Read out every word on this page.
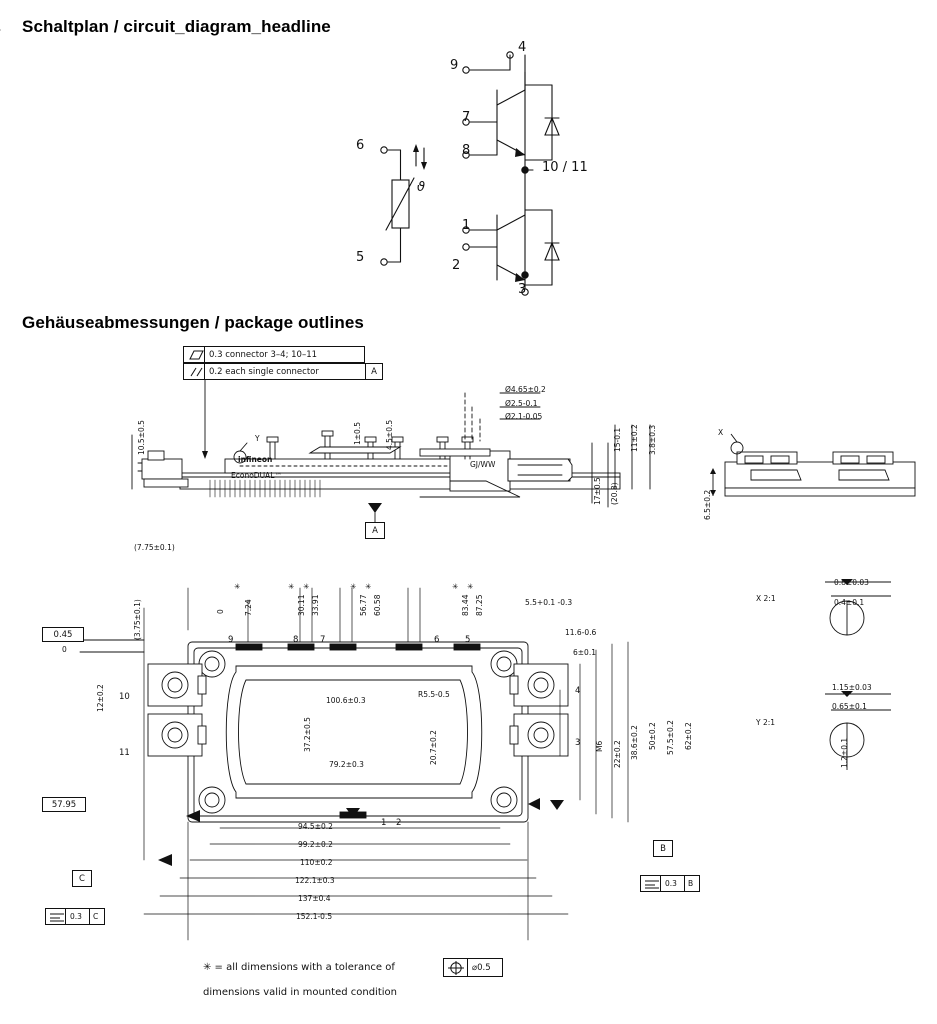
Schaltplan / circuit_diagram_headline
Gehäuseabmessungen / package outlines
9
4
7
8
6
5
1
2
3
10 / 11
ϑ
0.3 connector 3–4; 10–11
0.2 each single connector	A
A
infineon
EconoDUAL™
GJ/WW
Y
10.5±0.5	1±0.5	4.5±0.5
Ø4.65±0.2
Ø2.5-0.1
Ø2.1-0.05
15-0.1 11±0.2 3.8±0.3
17±0.5 (20.8)
X
6.5±0.2
0.8±0.03
0.4±0.1
X 2:1
1.15±0.03
0.65±0.1
1.2±0.1
Y 2:1
9	8	7	6	5
4
3
2
1
10
11
✳
7.24
✳ ✳
30.11 33.91
✳ ✳
56.77 60.58
✳ ✳
83.44 87.25
(7.75±0.1)
(3.75±0.1)
0.45
0
12±0.2
57.95
0
100.6±0.3
R5.5-0.5
37.2±0.5	20.7±0.2
79.2±0.3
5.5+0.1 -0.3
11.6-0.6
6±0.1
M6 22±0.2 38.6±0.2 50±0.2 57.5±0.2 62±0.2
94.5±0.2
99.2±0.2
110±0.2
122.1±0.3
137±0.4
152.1-0.5
B
C	0.3 B
0.3 C
✳ = all dimensions with a tolerance of	⌀0.5
dimensions valid in mounted condition
